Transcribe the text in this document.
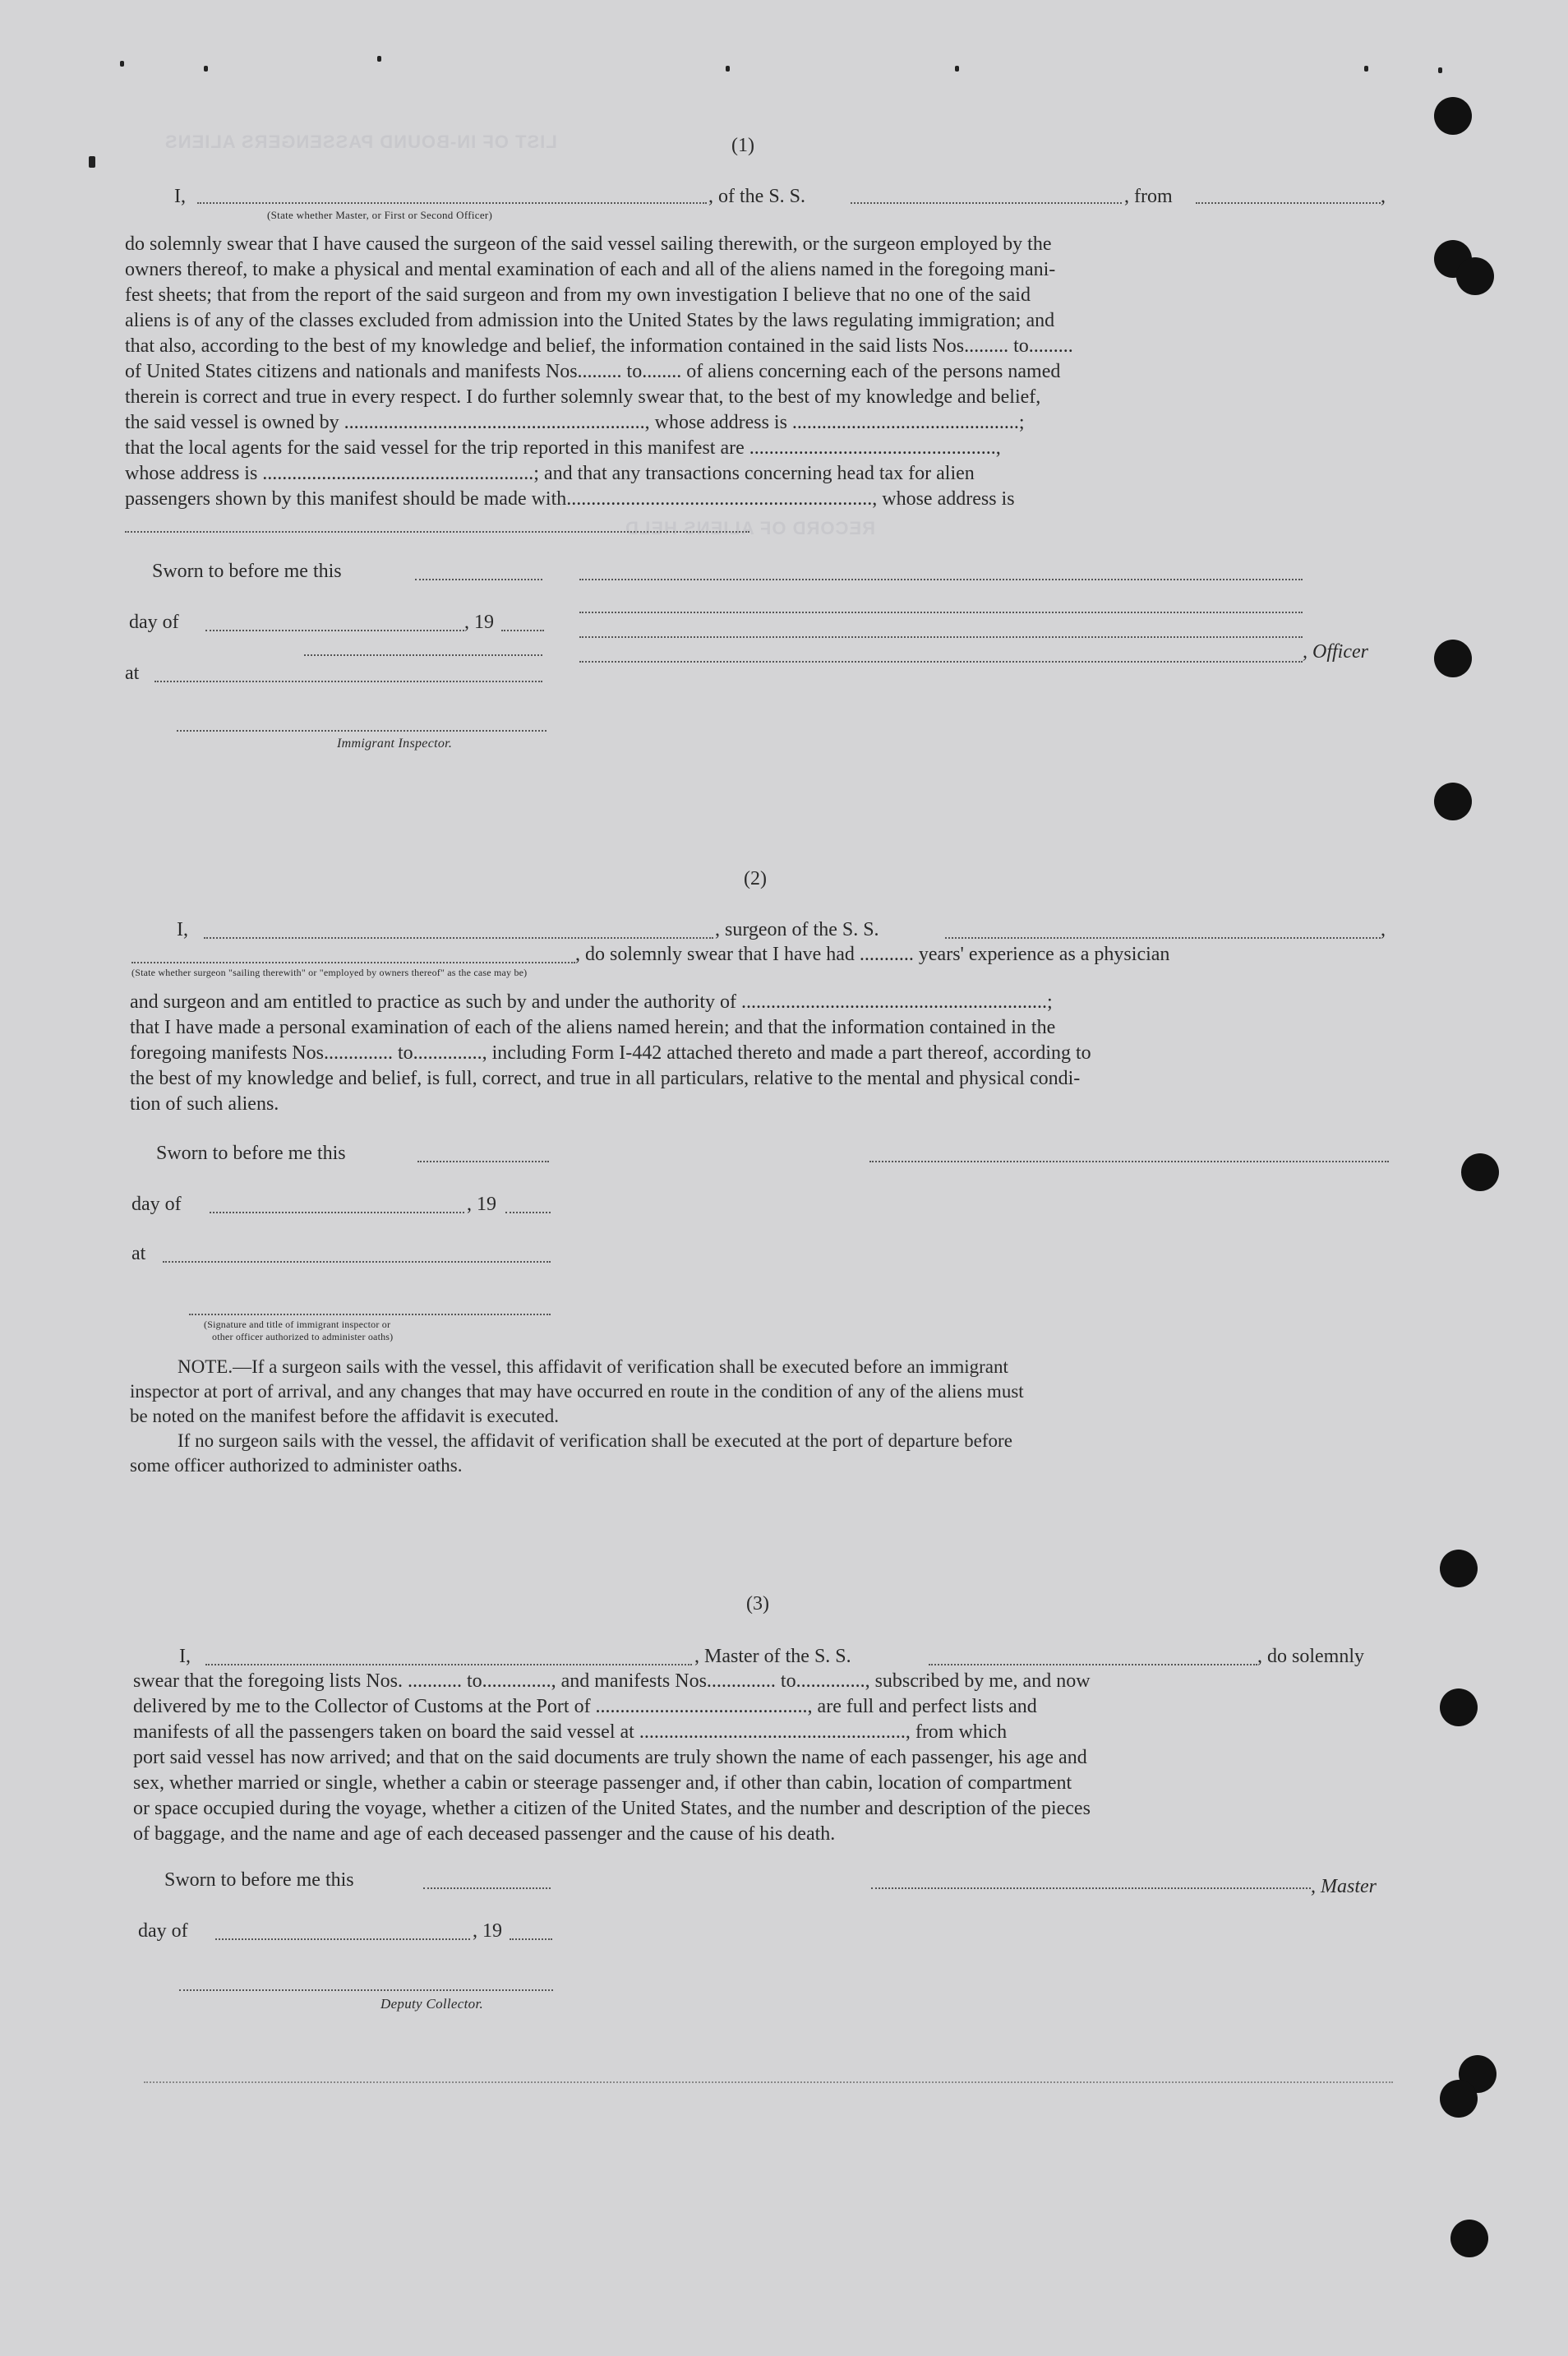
LIST OF IN-BOUND PASSENGERS ALIENS
RECORD OF ALIENS HELD
(1)
I,	, of the S. S.	, from	,
(State whether Master, or First or Second Officer)

do solemnly swear that I have caused the surgeon of the said vessel sailing therewith, or the surgeon employed by the

owners thereof, to make a physical and mental examination of each and all of the aliens named in the foregoing mani-

fest sheets; that from the report of the said surgeon and from my own investigation I believe that no one of the said

aliens is of any of the classes excluded from admission into the United States by the laws regulating immigration; and

that also, according to the best of my knowledge and belief, the information contained in the said lists Nos......... to.........

of United States citizens and nationals and manifests Nos......... to........ of aliens concerning each of the persons named

therein is correct and true in every respect. I do further solemnly swear that, to the best of my knowledge and belief,

the said vessel is owned by ............................................................., whose address is ..............................................;

that the local agents for the said vessel for the trip reported in this manifest are ..................................................,

whose address is .......................................................; and that any transactions concerning head tax for alien

passengers shown by this manifest should be made with.............................................................., whose address is

Sworn to before me this
day of	, 19
at
, Officer
Immigrant Inspector.
(2)
I,	, surgeon of the S. S.	,
, do solemnly swear that I have had ........... years' experience as a physician
(State whether surgeon "sailing therewith" or "employed by owners thereof" as the case may be)

and surgeon and am entitled to practice as such by and under the authority of ..............................................................;

that I have made a personal examination of each of the aliens named herein; and that the information contained in the

foregoing manifests Nos.............. to.............., including Form I-442 attached thereto and made a part thereof, according to

the best of my knowledge and belief, is full, correct, and true in all particulars, relative to the mental and physical condi-

tion of such aliens.

Sworn to before me this
day of	, 19
at
(Signature and title of immigrant inspector or
other officer authorized to administer oaths)

NOTE.—If a surgeon sails with the vessel, this affidavit of verification shall be executed before an immigrant

inspector at port of arrival, and any changes that may have occurred en route in the condition of any of the aliens must

be noted on the manifest before the affidavit is executed.

If no surgeon sails with the vessel, the affidavit of verification shall be executed at the port of departure before

some officer authorized to administer oaths.

(3)
I,	, Master of the S. S.	, do solemnly

swear that the foregoing lists Nos. ........... to.............., and manifests Nos.............. to.............., subscribed by me, and now

delivered by me to the Collector of Customs at the Port of ..........................................., are full and perfect lists and

manifests of all the passengers taken on board the said vessel at ......................................................, from which

port said vessel has now arrived; and that on the said documents are truly shown the name of each passenger, his age and

sex, whether married or single, whether a cabin or steerage passenger and, if other than cabin, location of compartment

or space occupied during the voyage, whether a citizen of the United States, and the number and description of the pieces

of baggage, and the name and age of each deceased passenger and the cause of his death.

Sworn to before me this	, Master
day of	, 19
Deputy Collector.
